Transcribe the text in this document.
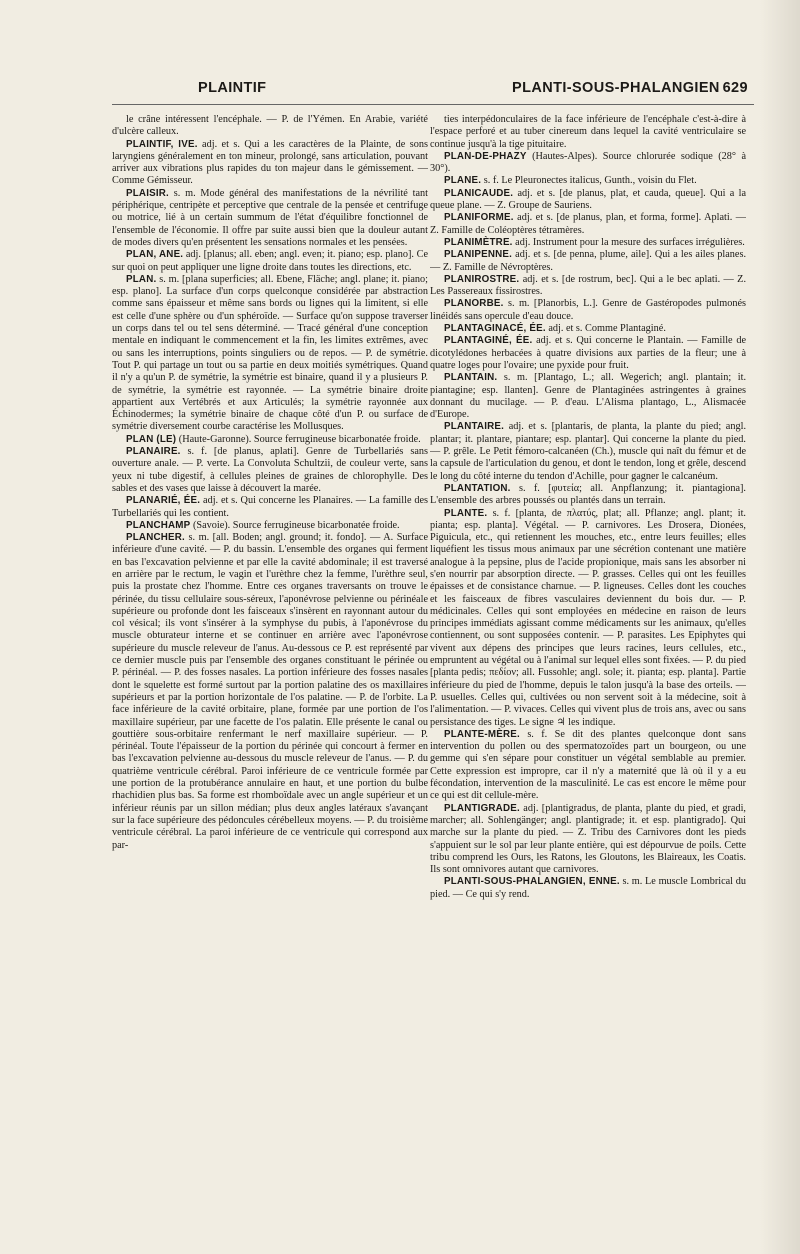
PLAINTIF	PLANTI-SOUS-PHALANGIEN 629

le crâne intéressent l'encéphale. — P. de l'Yémen. En Arabie, variété d'ulcère calleux.

PLAINTIF, IVE. adj. et s. Qui a les caractères de la Plainte, de sons laryngiens généralement en ton mineur, prolongé, sans articulation, pouvant arriver aux vibrations plus rapides du ton majeur dans le gémissement. — Comme Gémisseur.

PLAISIR. s. m. Mode général des manifestations de la névrilité tant périphérique, centripète et perceptive que centrale de la pensée et centrifuge ou motrice, lié à un certain summum de l'état d'équilibre fonctionnel de l'ensemble de l'économie. Il offre par suite aussi bien que la douleur autant de modes divers qu'en présentent les sensations normales et les pensées.

PLAN, ANE. adj. [planus; all. eben; angl. even; it. piano; esp. plano]. Ce sur quoi on peut appliquer une ligne droite dans toutes les directions, etc.

PLAN. s. m. [plana superficies; all. Ebene, Fläche; angl. plane; it. piano; esp. plano]. La surface d'un corps quelconque considérée par abstraction comme sans épaisseur et même sans bords ou lignes qui la limitent, si elle est celle d'une sphère ou d'un sphéroïde. — Surface qu'on suppose traverser un corps dans tel ou tel sens déterminé. — Tracé général d'une conception mentale en indiquant le commencement et la fin, les limites extrêmes, avec ou sans les interruptions, points singuliers ou de repos. — P. de symétrie. Tout P. qui partage un tout ou sa partie en deux moitiés symétriques. Quand il n'y a qu'un P. de symétrie, la symétrie est binaire, quand il y a plusieurs P. de symétrie, la symétrie est rayonnée. — La symétrie binaire droite appartient aux Vertébrés et aux Articulés; la symétrie rayonnée aux Échinodermes; la symétrie binaire de chaque côté d'un P. ou surface de symétrie diversement courbe caractérise les Mollusques.

PLAN (LE) (Haute-Garonne). Source ferrugineuse bicarbonatée froide.

PLANAIRE. s. f. [de planus, aplati]. Genre de Turbellariés sans ouverture anale. — P. verte. La Convoluta Schultzii, de couleur verte, sans yeux ni tube digestif, à cellules pleines de graines de chlorophylle. Des sables et des vases que laisse à découvert la marée.

PLANARIÉ, ÉE. adj. et s. Qui concerne les Planaires. — La famille des Turbellariés qui les contient.

PLANCHAMP (Savoie). Source ferrugineuse bicarbonatée froide.

PLANCHER. s. m. [all. Boden; angl. ground; it. fondo]. — A. Surface inférieure d'une cavité. — P. du bassin. L'ensemble des organes qui ferment en bas l'excavation pelvienne et par elle la cavité abdominale; il est traversé en arrière par le rectum, le vagin et l'urèthre chez la femme, l'urèthre seul, puis la prostate chez l'homme. Entre ces organes traversants on trouve le périnée, du tissu cellulaire sous-séreux, l'aponévrose pelvienne ou périnéale supérieure ou profonde dont les faisceaux s'insèrent en rayonnant autour du col vésical; ils vont s'insérer à la symphyse du pubis, à l'aponévrose du muscle obturateur interne et se continuer en arrière avec l'aponévrose supérieure du muscle releveur de l'anus. Au-dessous ce P. est représenté par ce dernier muscle puis par l'ensemble des organes constituant le périnée ou P. périnéal. — P. des fosses nasales. La portion inférieure des fosses nasales dont le squelette est formé surtout par la portion palatine des os maxillaires supérieurs et par la portion horizontale de l'os palatine. — P. de l'orbite. La face inférieure de la cavité orbitaire, plane, formée par une portion de l'os maxillaire supérieur, par une facette de l'os palatin. Elle présente le canal ou gouttière sous-orbitaire renfermant le nerf maxillaire supérieur. — P. périnéal. Toute l'épaisseur de la portion du périnée qui concourt à fermer en bas l'excavation pelvienne au-dessous du muscle releveur de l'anus. — P. du quatrième ventricule cérébral. Paroi inférieure de ce ventricule formée par une portion de la protubérance annulaire en haut, et une portion du bulbe rhachidien plus bas. Sa forme est rhomboïdale avec un angle supérieur et un inférieur réunis par un sillon médian; plus deux angles latéraux s'avançant sur la face supérieure des pédoncules cérébelleux moyens. — P. du troisième ventricule cérébral. La paroi inférieure de ce ventricule qui correspond aux par-

ties interpédonculaires de la face inférieure de l'encéphale c'est-à-dire à l'espace perforé et au tuber cinereum dans lequel la cavité ventriculaire se continue jusqu'à la tige pituitaire.

PLAN-DE-PHAZY (Hautes-Alpes). Source chlorurée sodique (28° à 30°).

PLANE. s. f. Le Pleuronectes italicus, Gunth., voisin du Flet.

PLANICAUDE. adj. et s. [de planus, plat, et cauda, queue]. Qui a la queue plane. — Z. Groupe de Sauriens.

PLANIFORME. adj. et s. [de planus, plan, et forma, forme]. Aplati. — Z. Famille de Coléoptères tétramères.

PLANIMÈTRE. adj. Instrument pour la mesure des surfaces irrégulières.

PLANIPENNE. adj. et s. [de penna, plume, aile]. Qui a les ailes planes. — Z. Famille de Névroptères.

PLANIROSTRE. adj. et s. [de rostrum, bec]. Qui a le bec aplati. — Z. Les Passereaux fissirostres.

PLANORBE. s. m. [Planorbis, L.]. Genre de Gastéropodes pulmonés linéidés sans opercule d'eau douce.

PLANTAGINACÉ, ÉE. adj. et s. Comme Plantaginé.

PLANTAGINÉ, ÉE. adj. et s. Qui concerne le Plantain. — Famille de dicotylédones herbacées à quatre divisions aux parties de la fleur; une à quatre loges pour l'ovaire; une pyxide pour fruit.

PLANTAIN. s. m. [Plantago, L.; all. Wegerich; angl. plantain; it. piantagine; esp. llanten]. Genre de Plantaginées astringentes à graines donnant du mucilage. — P. d'eau. L'Alisma plantago, L., Alismacée d'Europe.

PLANTAIRE. adj. et s. [plantaris, de planta, la plante du pied; angl. plantar; it. plantare, piantare; esp. plantar]. Qui concerne la plante du pied. — P. grêle. Le Petit fémoro-calcanéen (Ch.), muscle qui naît du fémur et de la capsule de l'articulation du genou, et dont le tendon, long et grêle, descend le long du côté interne du tendon d'Achille, pour gagner le calcanéum.

PLANTATION. s. f. [φυτεία; all. Anpflanzung; it. piantagiona]. L'ensemble des arbres poussés ou plantés dans un terrain.

PLANTE. s. f. [planta, de πλατύς, plat; all. Pflanze; angl. plant; it. pianta; esp. planta]. Végétal. — P. carnivores. Les Drosera, Dionées, Piguicula, etc., qui retiennent les mouches, etc., entre leurs feuilles; elles liquéfient les tissus mous animaux par une sécrétion contenant une matière analogue à la pepsine, plus de l'acide propionique, mais sans les absorber ni s'en nourrir par absorption directe. — P. grasses. Celles qui ont les feuilles épaisses et de consistance charnue. — P. ligneuses. Celles dont les couches et les faisceaux de fibres vasculaires deviennent du bois dur. — P. médicinales. Celles qui sont employées en médecine en raison de leurs principes immédiats agissant comme médicaments sur les animaux, qu'elles contiennent, ou sont supposées contenir. — P. parasites. Les Epiphytes qui vivent aux dépens des principes que leurs racines, leurs cellules, etc., empruntent au végétal ou à l'animal sur lequel elles sont fixées. — P. du pied [planta pedis; πεδίον; all. Fussohle; angl. sole; it. pianta; esp. planta]. Partie inférieure du pied de l'homme, depuis le talon jusqu'à la base des orteils. — P. usuelles. Celles qui, cultivées ou non servent soit à la médecine, soit à l'alimentation. — P. vivaces. Celles qui vivent plus de trois ans, avec ou sans persistance des tiges. Le signe ♃ les indique.

PLANTE-MÈRE. s. f. Se dit des plantes quelconque dont sans intervention du pollen ou des spermatozoïdes part un bourgeon, ou une gemme qui s'en sépare pour constituer un végétal semblable au premier. Cette expression est impropre, car il n'y a maternité que là où il y a eu fécondation, intervention de la masculinité. Le cas est encore le même pour ce qui est dit cellule-mère.

PLANTIGRADE. adj. [plantigradus, de planta, plante du pied, et gradi, marcher; all. Sohlengänger; angl. plantigrade; it. et esp. plantigrado]. Qui marche sur la plante du pied. — Z. Tribu des Carnivores dont les pieds s'appuient sur le sol par leur plante entière, qui est dépourvue de poils. Cette tribu comprend les Ours, les Ratons, les Gloutons, les Blaireaux, les Coatis. Ils sont omnivores autant que carnivores.

PLANTI-SOUS-PHALANGIEN, ENNE. s. m. Le muscle Lombrical du pied. — Ce qui s'y rend.
